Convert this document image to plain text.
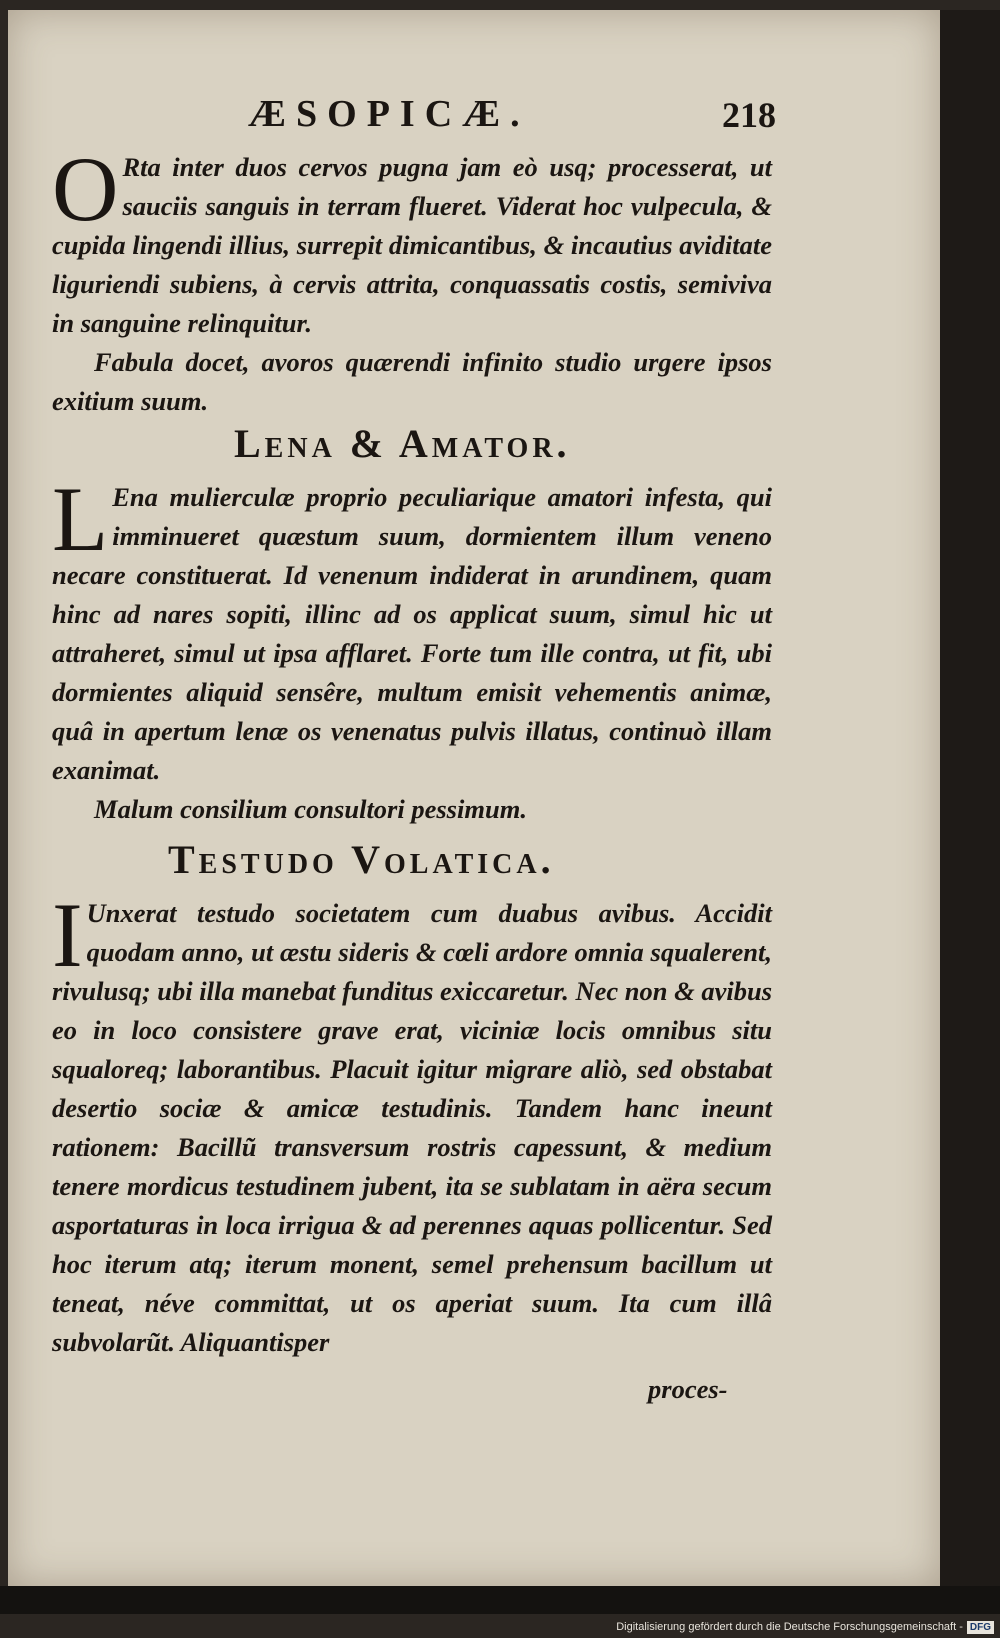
ÆSOPICÆ.	218
O Rta inter duos cervos pugna jam eò usq; processerat, ut sauciis sanguis in terram flueret. Viderat hoc vulpecula, & cupida lingendi illius, surrepit dimicantibus, & incautius aviditate liguriendi subiens, à cervis attrita, conquassatis costis, semiviva in sanguine relinquitur.
Fabula docet, avoros quærendi infinito studio urgere ipsos exitium suum.
Lena & Amator.
L Ena mulierculæ proprio peculiarique amatori infesta, qui imminueret quæstum suum, dormientem illum veneno necare constituerat. Id venenum indiderat in arundinem, quam hinc ad nares sopiti, illinc ad os applicat suum, simul hic ut attraheret, simul ut ipsa afflaret. Forte tum ille contra, ut fit, ubi dormientes aliquid sensêre, multum emisit vehementis animæ, quâ in apertum lenæ os venenatus pulvis illatus, continuò illam exanimat.
Malum consilium consultori pessimum.
Testudo Volatica.
I Unxerat testudo societatem cum duabus avibus. Accidit quodam anno, ut æstu sideris & cœli ardore omnia squalerent, rivulusq; ubi illa manebat funditus exiccaretur. Nec non & avibus eo in loco consistere grave erat, viciniæ locis omnibus situ squaloreq; laborantibus. Placuit igitur migrare aliò, sed obstabat desertio sociæ & amicæ testudinis. Tandem hanc ineunt rationem: Bacillũ transversum rostris capessunt, & medium tenere mordicus testudinem jubent, ita se sublatam in aëra secum asportaturas in loca irrigua & ad perennes aquas pollicentur. Sed hoc iterum atq; iterum monent, semel prehensum bacillum ut teneat, néve committat, ut os aperiat suum. Ita cum illâ subvolarũt. Aliquantisper
proces-
Digitalisierung gefördert durch die Deutsche Forschungsgemeinschaft - DFG
